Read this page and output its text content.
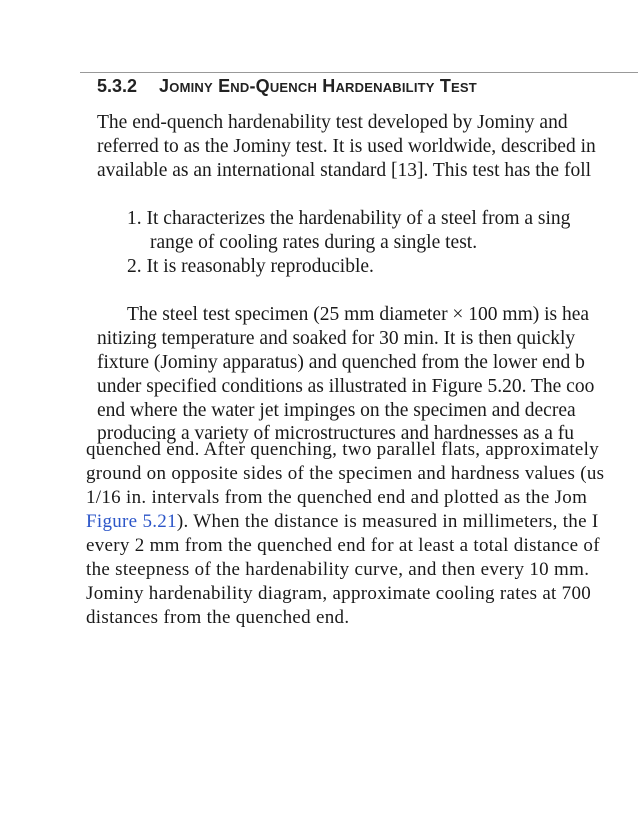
5.3.2 Jominy End-Quench Hardenability Test
The end-quench hardenability test developed by Jominy and
referred to as the Jominy test. It is used worldwide, described in
available as an international standard [13]. This test has the foll
1. It characterizes the hardenability of a steel from a sing
range of cooling rates during a single test.
2. It is reasonably reproducible.
The steel test specimen (25 mm diameter × 100 mm) is hea
nitizing temperature and soaked for 30 min. It is then quickly
fixture (Jominy apparatus) and quenched from the lower end b
under specified conditions as illustrated in Figure 5.20. The coo
end where the water jet impinges on the specimen and decrea
producing a variety of microstructures and hardnesses as a fu
quenched end. After quenching, two parallel flats, approximately
ground on opposite sides of the specimen and hardness values (us
1/16 in. intervals from the quenched end and plotted as the Jom
Figure 5.21). When the distance is measured in millimeters, the I
every 2 mm from the quenched end for at least a total distance of
the steepness of the hardenability curve, and then every 10 mm.
Jominy hardenability diagram, approximate cooling rates at 700
distances from the quenched end.
